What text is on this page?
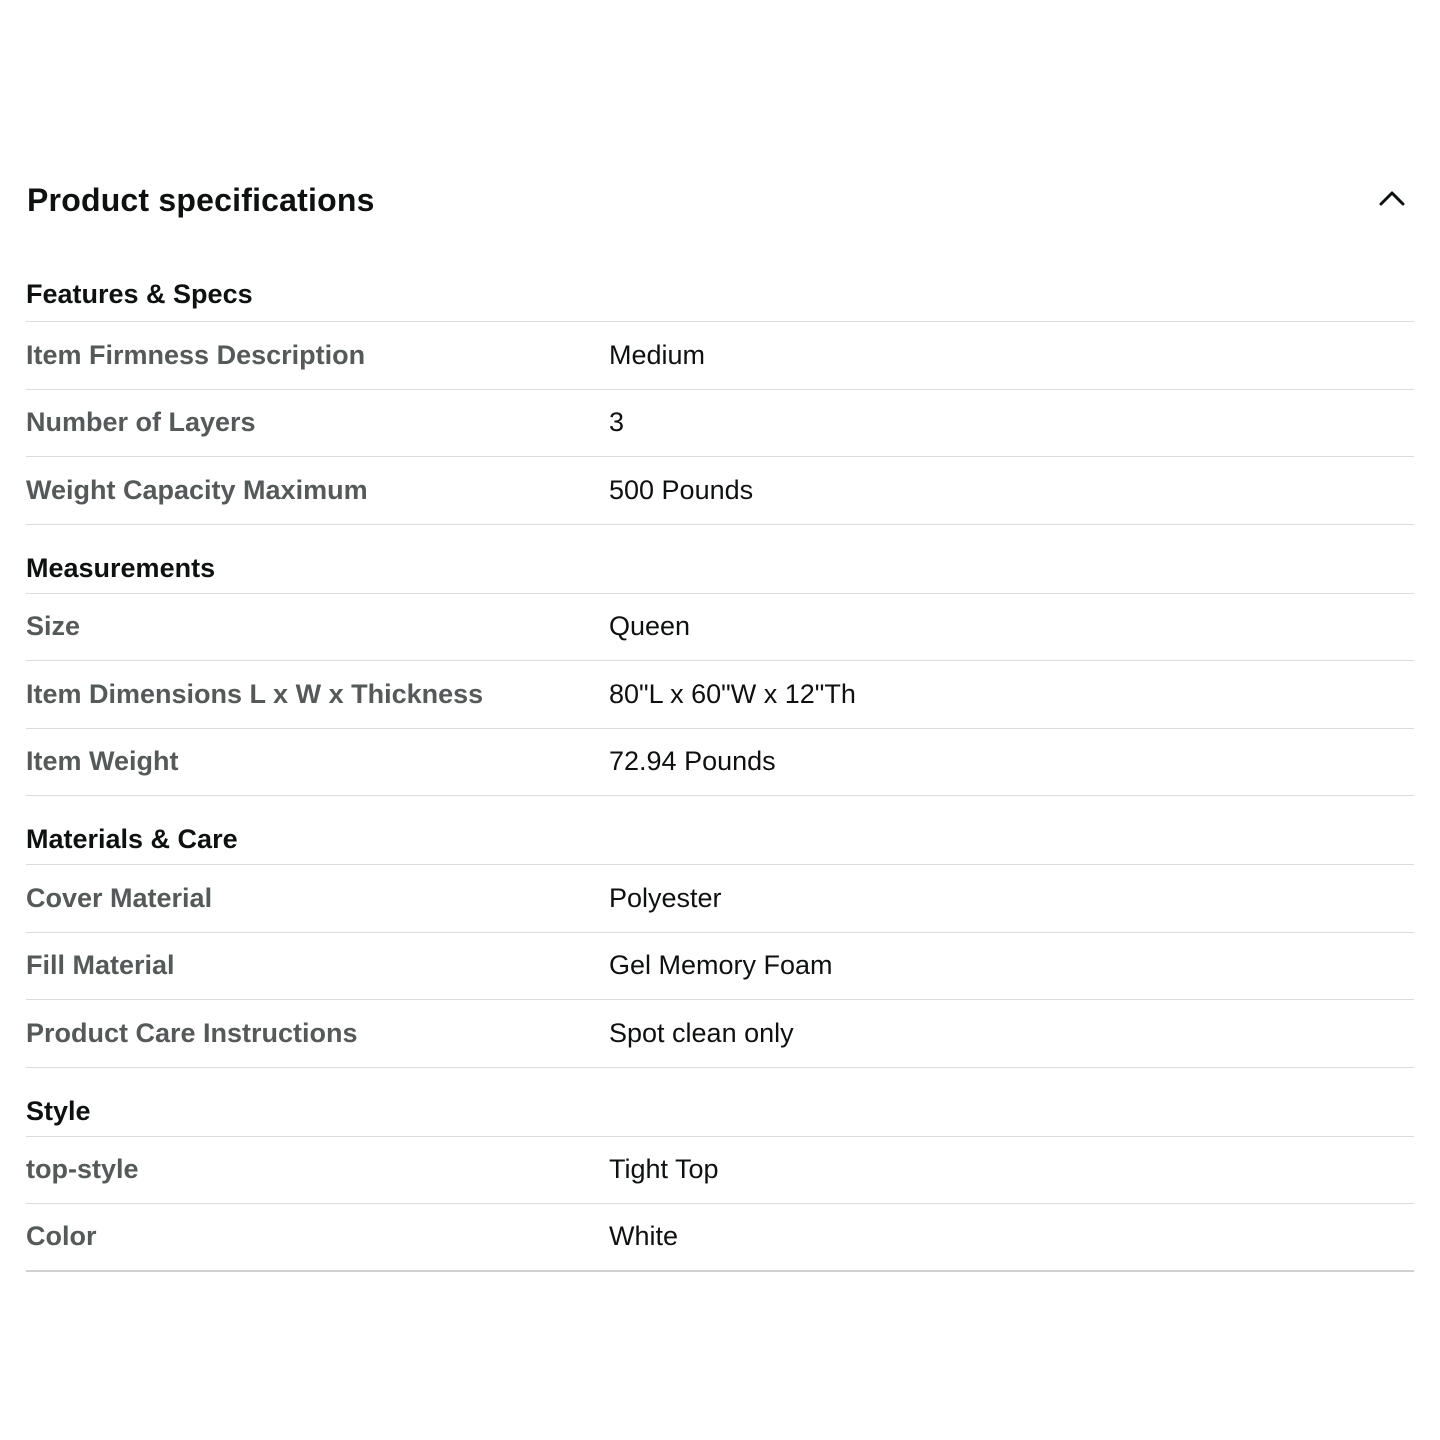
Product specifications
Features & Specs
Item Firmness Description	Medium
Number of Layers	3
Weight Capacity Maximum	500 Pounds
Measurements
Size	Queen
Item Dimensions L x W x Thickness	80"L x 60"W x 12"Th
Item Weight	72.94 Pounds
Materials & Care
Cover Material	Polyester
Fill Material	Gel Memory Foam
Product Care Instructions	Spot clean only
Style
top-style	Tight Top
Color	White
